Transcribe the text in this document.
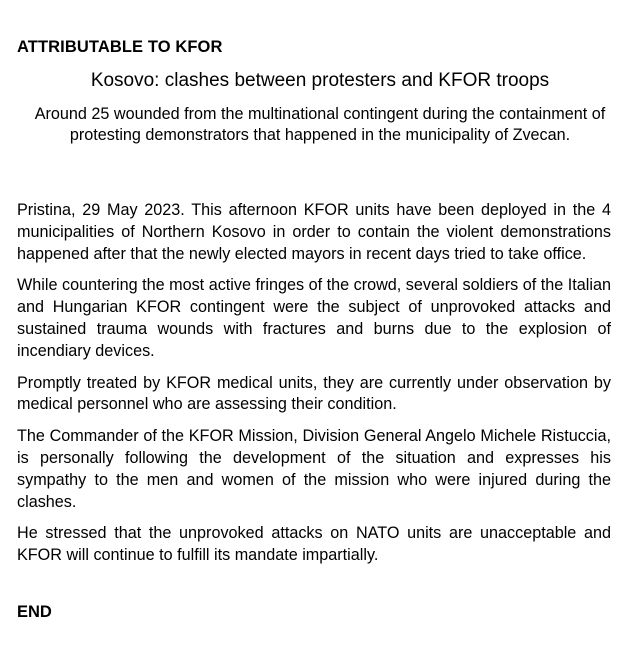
ATTRIBUTABLE TO KFOR
Kosovo: clashes between protesters and KFOR troops
Around 25 wounded from the multinational contingent during the containment of protesting demonstrators that happened in the municipality of Zvecan.

Pristina, 29 May 2023. This afternoon KFOR units have been deployed in the 4 municipalities of Northern Kosovo in order to contain the violent demonstrations happened after that the newly elected mayors in recent days tried to take office.

While countering the most active fringes of the crowd, several soldiers of the Italian and Hungarian KFOR contingent were the subject of unprovoked attacks and sustained trauma wounds with fractures and burns due to the explosion of incendiary devices.

Promptly treated by KFOR medical units, they are currently under observation by medical personnel who are assessing their condition.

The Commander of the KFOR Mission, Division General Angelo Michele Ristuccia, is personally following the development of the situation and expresses his sympathy to the men and women of the mission who were injured during the clashes.

He stressed that the unprovoked attacks on NATO units are unacceptable and KFOR will continue to fulfill its mandate impartially.

END
